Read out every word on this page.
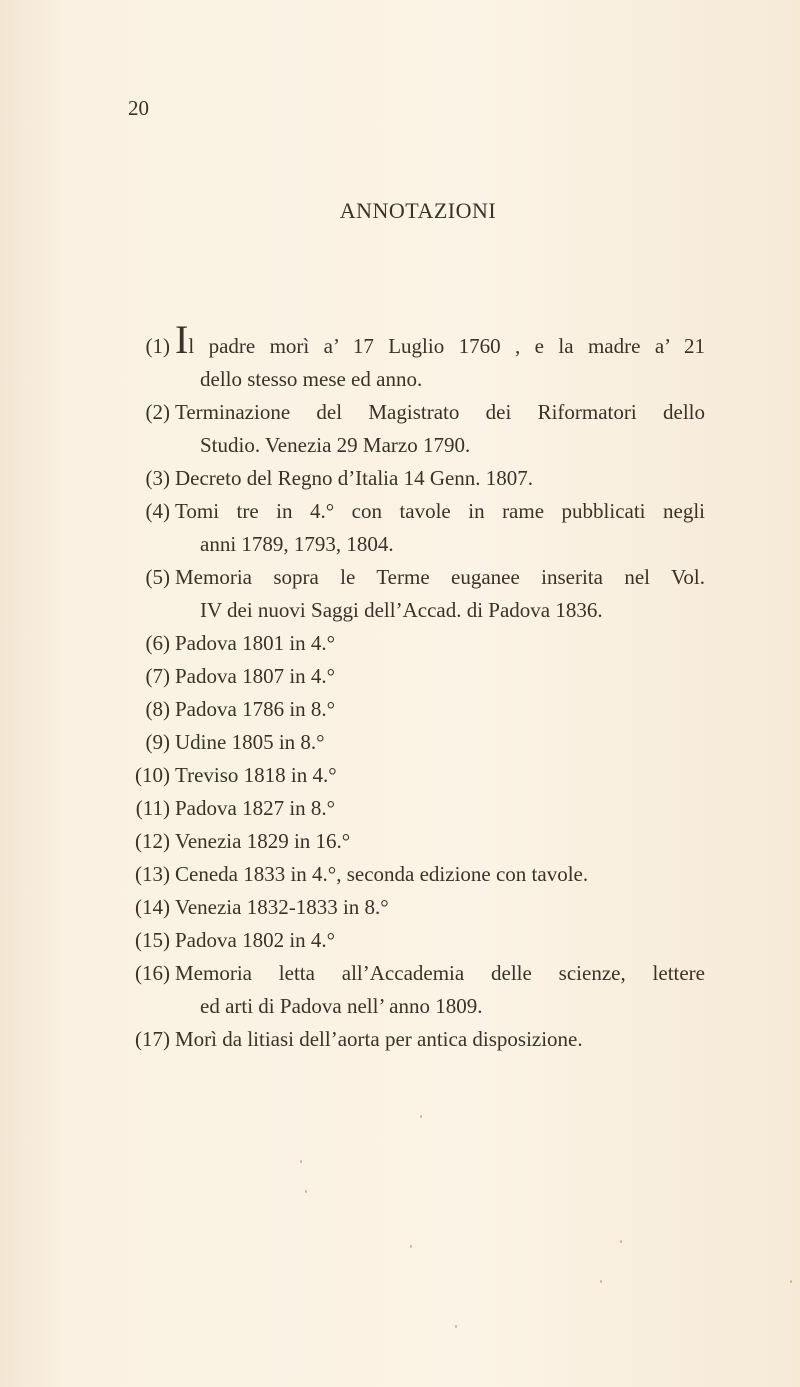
20
ANNOTAZIONI
(1) Il padre morì a’ 17 Luglio 1760 , e la madre a’ 21
dello stesso mese ed anno.
(2) Terminazione del Magistrato dei Riformatori dello
Studio. Venezia 29 Marzo 1790.
(3) Decreto del Regno d’Italia 14 Genn. 1807.
(4) Tomi tre in 4.° con tavole in rame pubblicati negli
anni 1789, 1793, 1804.
(5) Memoria sopra le Terme euganee inserita nel Vol.
IV dei nuovi Saggi dell’Accad. di Padova 1836.
(6) Padova 1801 in 4.°
(7) Padova 1807 in 4.°
(8) Padova 1786 in 8.°
(9) Udine 1805 in 8.°
(10) Treviso 1818 in 4.°
(11) Padova 1827 in 8.°
(12) Venezia 1829 in 16.°
(13) Ceneda 1833 in 4.°, seconda edizione con tavole.
(14) Venezia 1832-1833 in 8.°
(15) Padova 1802 in 4.°
(16) Memoria letta all’Accademia delle scienze, lettere
ed arti di Padova nell’ anno 1809.
(17) Morì da litiasi dell’aorta per antica disposizione.
